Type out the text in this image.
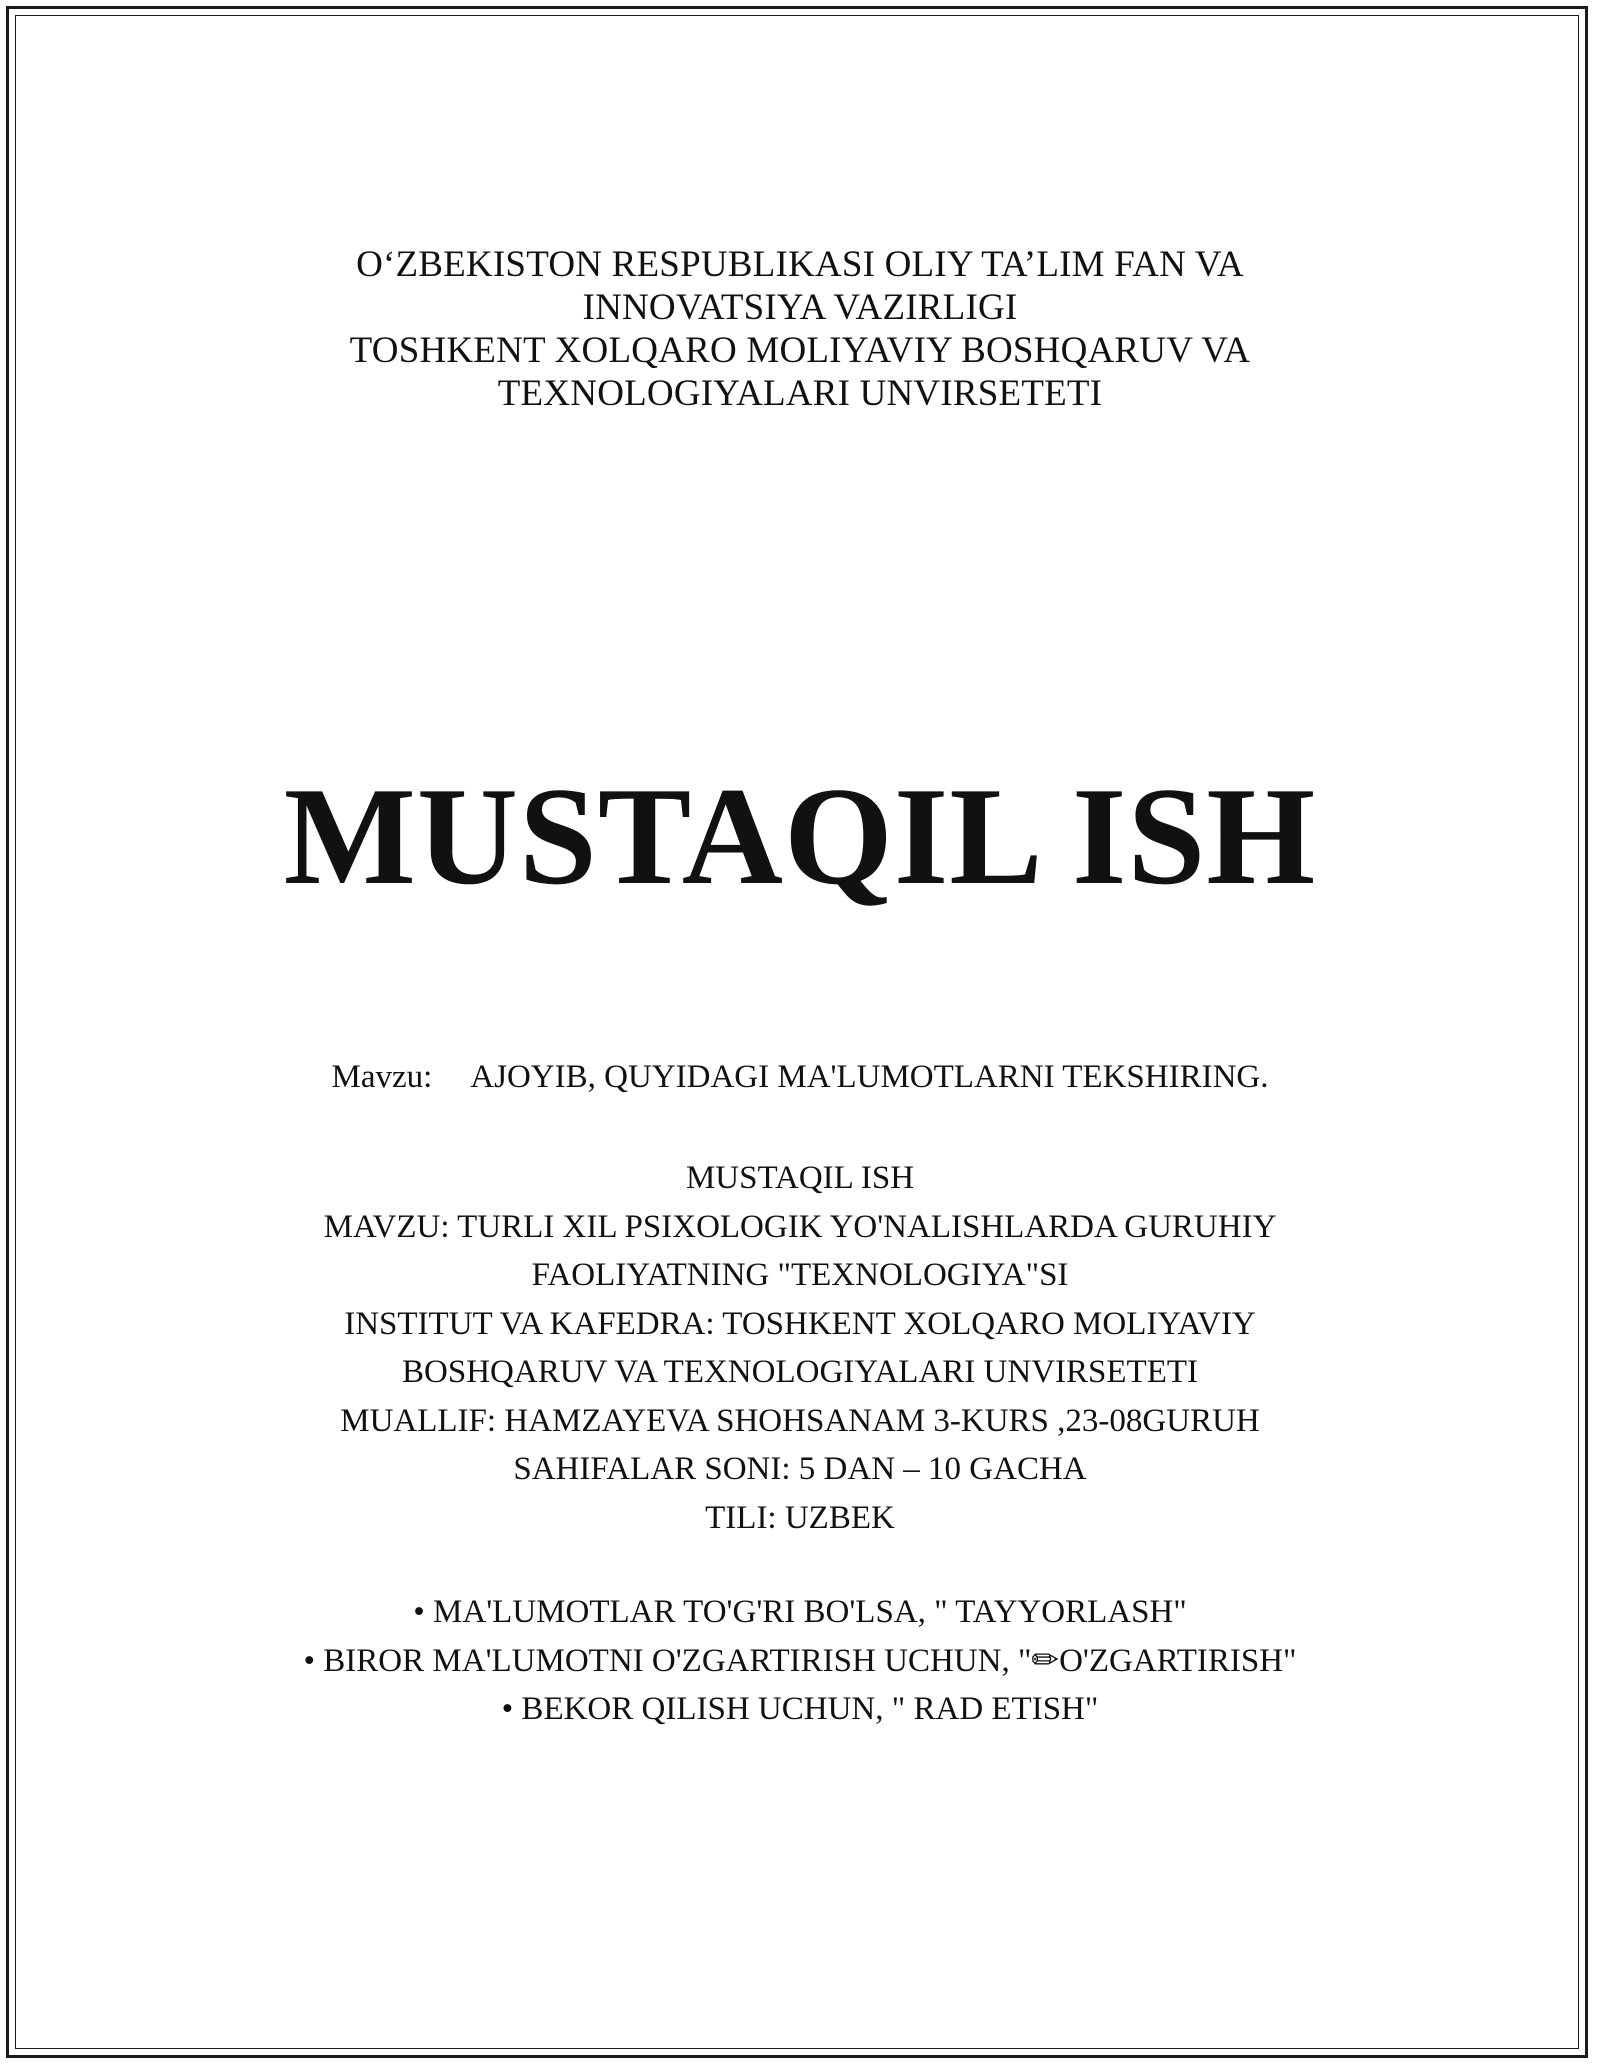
O‘ZBEKISTON RESPUBLIKASI OLIY TA’LIM FAN VA
INNOVATSIYA VAZIRLIGI
TOSHKENT XOLQARO MOLIYAVIY BOSHQARUV VA
TEXNOLOGIYALARI UNVIRSETETI
MUSTAQIL ISH
Mavzu: AJOYIB, QUYIDAGI MA'LUMOTLARNI TEKSHIRING.
MUSTAQIL ISH
MAVZU: TURLI XIL PSIXOLOGIK YO'NALISHLARDA GURUHIY
FAOLIYATNING "TEXNOLOGIYA"SI
INSTITUT VA KAFEDRA: TOSHKENT XOLQARO MOLIYAVIY
BOSHQARUV VA TEXNOLOGIYALARI UNVIRSETETI
MUALLIF: HAMZAYEVA SHOHSANAM 3-KURS ,23-08GURUH
SAHIFALAR SONI: 5 DAN – 10 GACHA
TILI: UZBEK
• MA'LUMOTLAR TO'G'RI BO'LSA, " TAYYORLASH"
• BIROR MA'LUMOTNI O'ZGARTIRISH UCHUN, "✏O'ZGARTIRISH"
• BEKOR QILISH UCHUN, " RAD ETISH"
